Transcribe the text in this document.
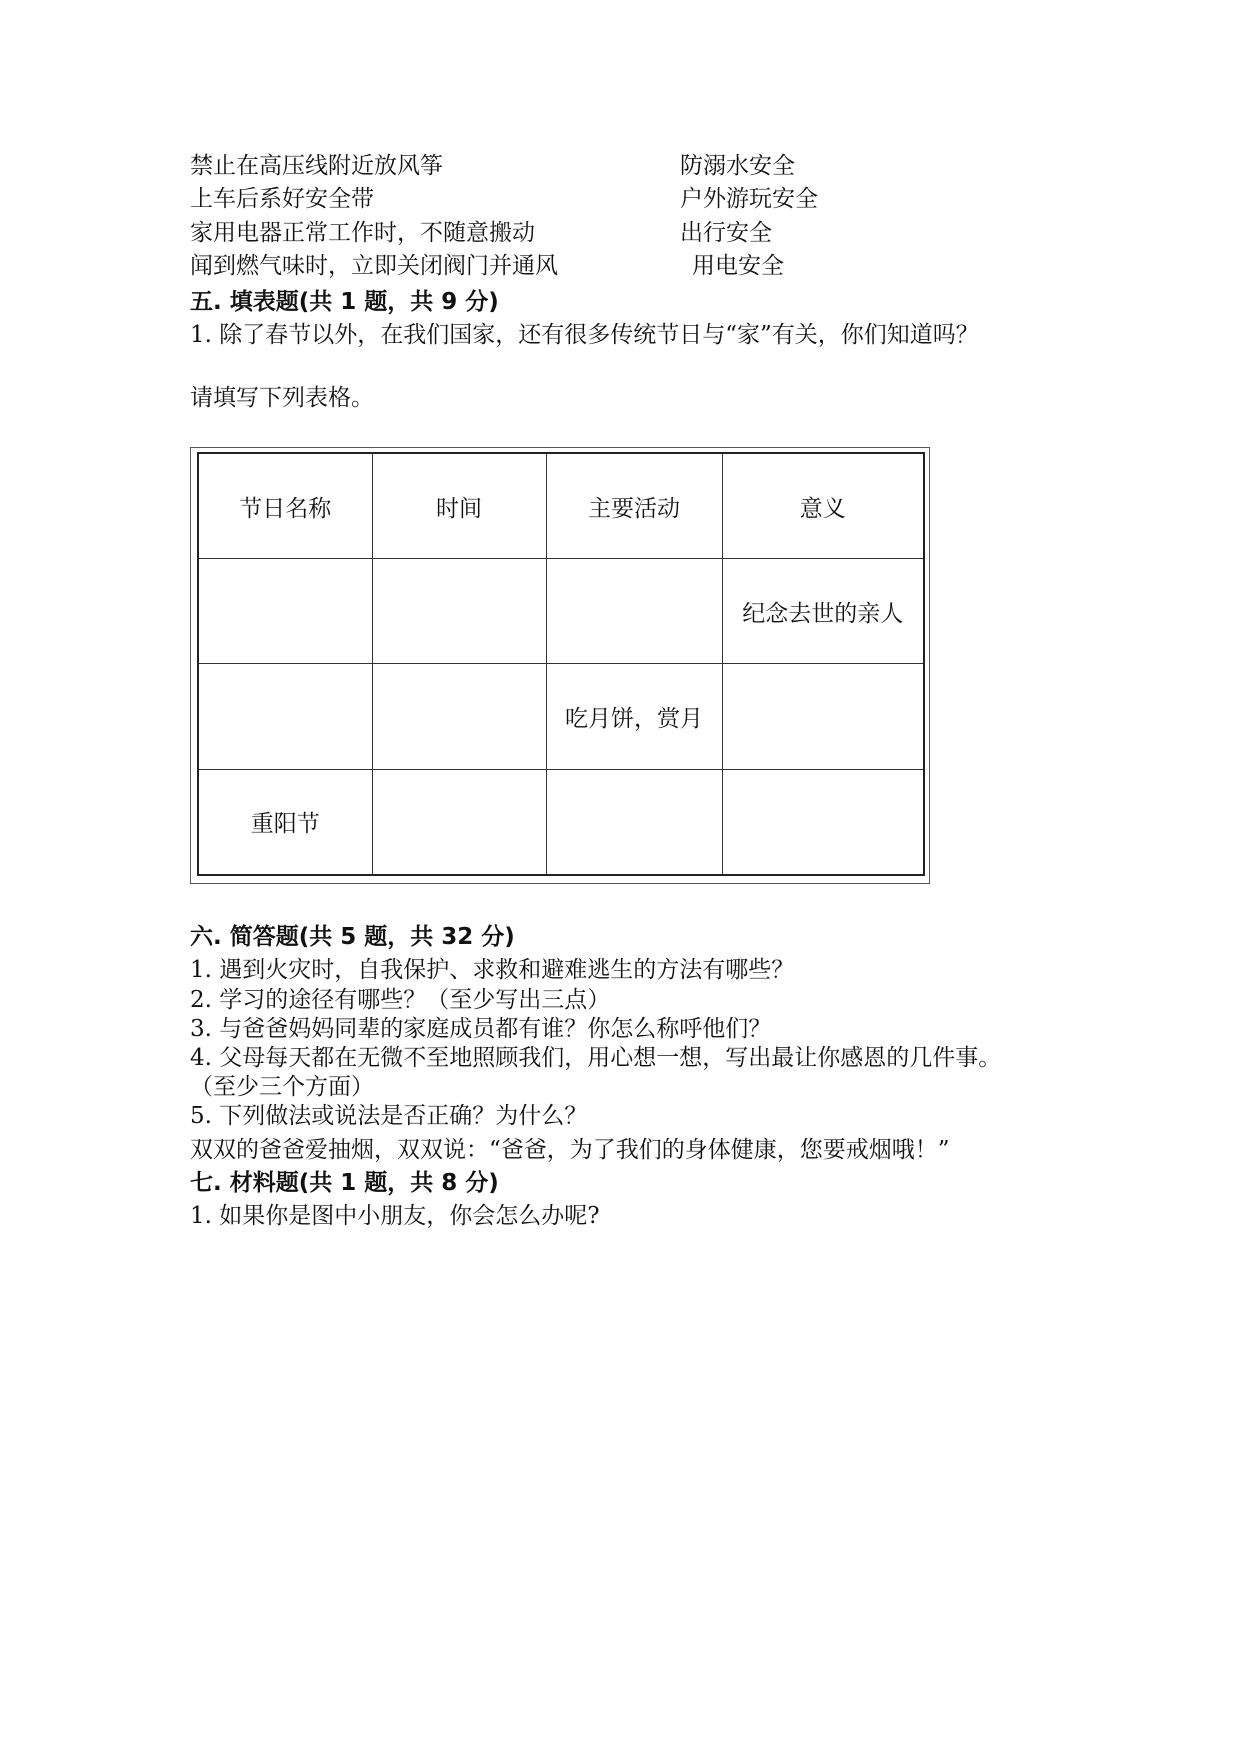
禁止在高压线附近放风筝	防溺水安全
上车后系好安全带	户外游玩安全
家用电器正常工作时，不随意搬动	出行安全
闻到燃气味时，立即关闭阀门并通风	用电安全
五. 填表题(共 1 题，共 9 分)
1. 除了春节以外，在我们国家，还有很多传统节日与“家”有关，你们知道吗？
请填写下列表格。
节日名称	时间	主要活动	意义
			纪念去世的亲人
		吃月饼，赏月	
重阳节			
六. 简答题(共 5 题，共 32 分)
1. 遇到火灾时，自我保护、求救和避难逃生的方法有哪些？
2. 学习的途径有哪些？（至少写出三点）
3. 与爸爸妈妈同辈的家庭成员都有谁？你怎么称呼他们？
4. 父母每天都在无微不至地照顾我们，用心想一想，写出最让你感恩的几件事。
（至少三个方面）
5. 下列做法或说法是否正确？为什么？
双双的爸爸爱抽烟，双双说：“爸爸，为了我们的身体健康，您要戒烟哦！”
七. 材料题(共 1 题，共 8 分)
1. 如果你是图中小朋友，你会怎么办呢?
